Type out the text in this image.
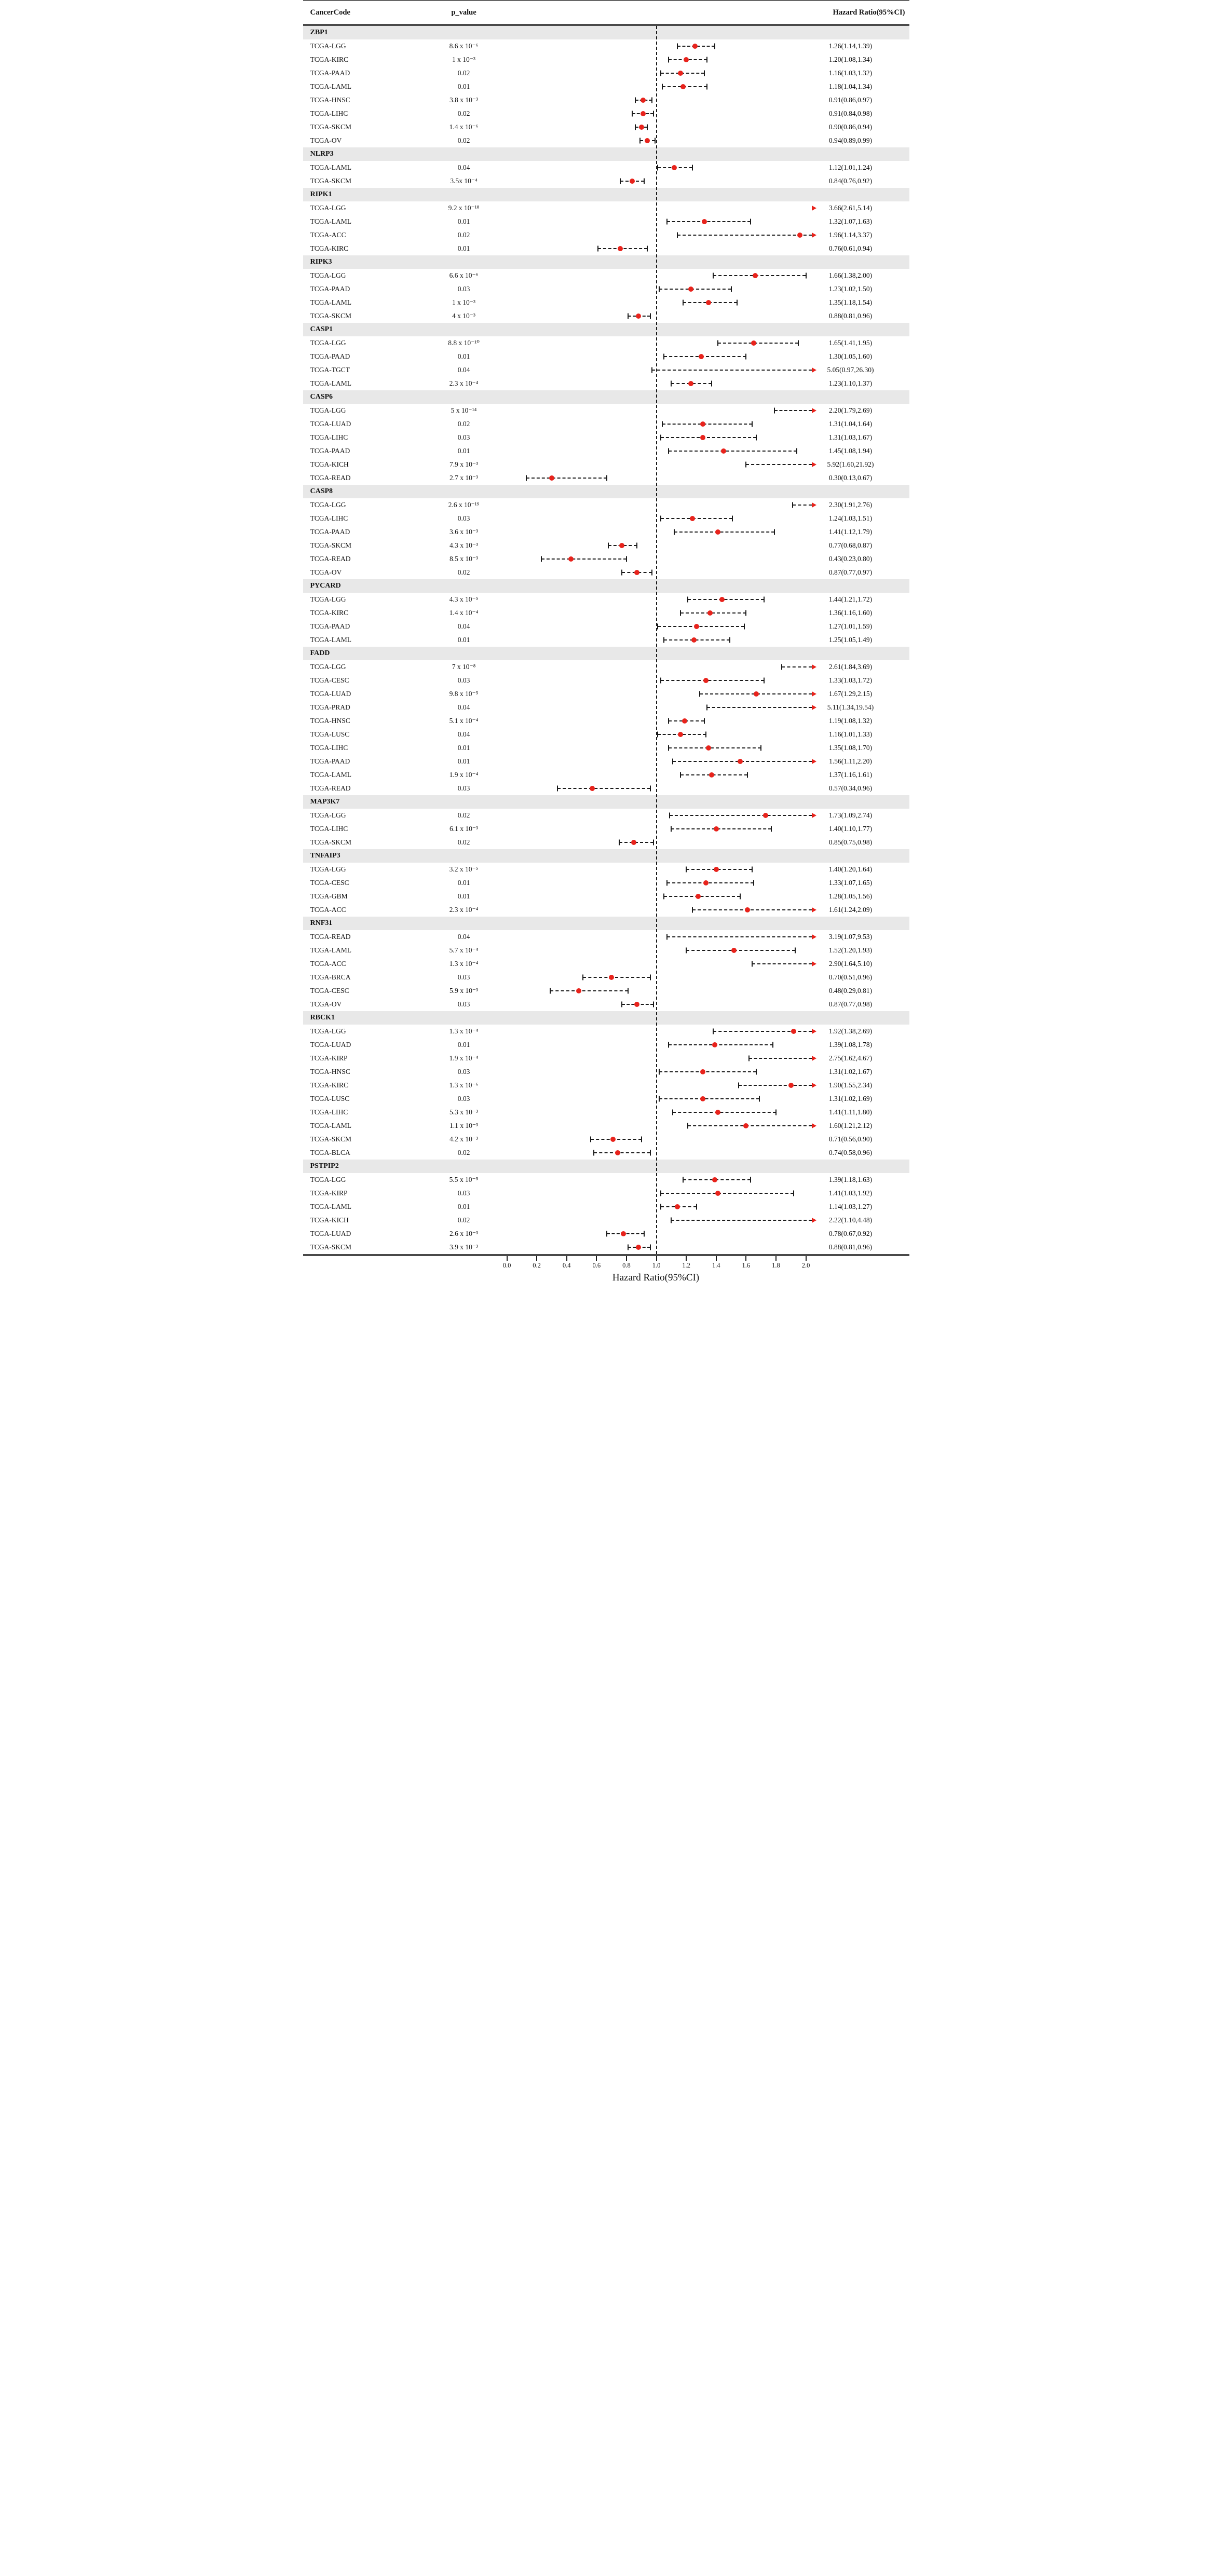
CancerCode	p_value	Hazard Ratio(95%CI)
ZBP1
TCGA-LGG	8.6 x 10⁻⁶	1.26(1.14,1.39)
TCGA-KIRC	1 x 10⁻³	1.20(1.08,1.34)
TCGA-PAAD	0.02	1.16(1.03,1.32)
TCGA-LAML	0.01	1.18(1.04,1.34)
TCGA-HNSC	3.8 x 10⁻³	0.91(0.86,0.97)
TCGA-LIHC	0.02	0.91(0.84,0.98)
TCGA-SKCM	1.4 x 10⁻⁶	0.90(0.86,0.94)
TCGA-OV	0.02	0.94(0.89,0.99)
NLRP3
TCGA-LAML	0.04	1.12(1.01,1.24)
TCGA-SKCM	3.5x 10⁻⁴	0.84(0.76,0.92)
RIPK1
TCGA-LGG	9.2 x 10⁻¹⁸	3.66(2.61,5.14)
TCGA-LAML	0.01	1.32(1.07,1.63)
TCGA-ACC	0.02	1.96(1.14,3.37)
TCGA-KIRC	0.01	0.76(0.61,0.94)
RIPK3
TCGA-LGG	6.6 x 10⁻⁶	1.66(1.38,2.00)
TCGA-PAAD	0.03	1.23(1.02,1.50)
TCGA-LAML	1 x 10⁻³	1.35(1.18,1.54)
TCGA-SKCM	4 x 10⁻³	0.88(0.81,0.96)
CASP1
TCGA-LGG	8.8 x 10⁻¹⁰	1.65(1.41,1.95)
TCGA-PAAD	0.01	1.30(1.05,1.60)
TCGA-TGCT	0.04	5.05(0.97,26.30)
TCGA-LAML	2.3 x 10⁻⁴	1.23(1.10,1.37)
CASP6
TCGA-LGG	5 x 10⁻¹⁴	2.20(1.79,2.69)
TCGA-LUAD	0.02	1.31(1.04,1.64)
TCGA-LIHC	0.03	1.31(1.03,1.67)
TCGA-PAAD	0.01	1.45(1.08,1.94)
TCGA-KICH	7.9 x 10⁻³	5.92(1.60,21.92)
TCGA-READ	2.7 x 10⁻³	0.30(0.13,0.67)
CASP8
TCGA-LGG	2.6 x 10⁻¹⁹	2.30(1.91,2.76)
TCGA-LIHC	0.03	1.24(1.03,1.51)
TCGA-PAAD	3.6 x 10⁻³	1.41(1.12,1.79)
TCGA-SKCM	4.3 x 10⁻³	0.77(0.68,0.87)
TCGA-READ	8.5 x 10⁻³	0.43(0.23,0.80)
TCGA-OV	0.02	0.87(0.77,0.97)
PYCARD
TCGA-LGG	4.3 x 10⁻⁵	1.44(1.21,1.72)
TCGA-KIRC	1.4 x 10⁻⁴	1.36(1.16,1.60)
TCGA-PAAD	0.04	1.27(1.01,1.59)
TCGA-LAML	0.01	1.25(1.05,1.49)
FADD
TCGA-LGG	7 x 10⁻⁸	2.61(1.84,3.69)
TCGA-CESC	0.03	1.33(1.03,1.72)
TCGA-LUAD	9.8 x 10⁻⁵	1.67(1.29,2.15)
TCGA-PRAD	0.04	5.11(1.34,19.54)
TCGA-HNSC	5.1 x 10⁻⁴	1.19(1.08,1.32)
TCGA-LUSC	0.04	1.16(1.01,1.33)
TCGA-LIHC	0.01	1.35(1.08,1.70)
TCGA-PAAD	0.01	1.56(1.11,2.20)
TCGA-LAML	1.9 x 10⁻⁴	1.37(1.16,1.61)
TCGA-READ	0.03	0.57(0.34,0.96)
MAP3K7
TCGA-LGG	0.02	1.73(1.09,2.74)
TCGA-LIHC	6.1 x 10⁻³	1.40(1.10,1.77)
TCGA-SKCM	0.02	0.85(0.75,0.98)
TNFAIP3
TCGA-LGG	3.2 x 10⁻⁵	1.40(1.20,1.64)
TCGA-CESC	0.01	1.33(1.07,1.65)
TCGA-GBM	0.01	1.28(1.05,1.56)
TCGA-ACC	2.3 x 10⁻⁴	1.61(1.24,2.09)
RNF31
TCGA-READ	0.04	3.19(1.07,9.53)
TCGA-LAML	5.7 x 10⁻⁴	1.52(1.20,1.93)
TCGA-ACC	1.3 x 10⁻⁴	2.90(1.64,5.10)
TCGA-BRCA	0.03	0.70(0.51,0.96)
TCGA-CESC	5.9 x 10⁻³	0.48(0.29,0.81)
TCGA-OV	0.03	0.87(0.77,0.98)
RBCK1
TCGA-LGG	1.3 x 10⁻⁴	1.92(1.38,2.69)
TCGA-LUAD	0.01	1.39(1.08,1.78)
TCGA-KIRP	1.9 x 10⁻⁴	2.75(1.62,4.67)
TCGA-HNSC	0.03	1.31(1.02,1.67)
TCGA-KIRC	1.3 x 10⁻⁶	1.90(1.55,2.34)
TCGA-LUSC	0.03	1.31(1.02,1.69)
TCGA-LIHC	5.3 x 10⁻³	1.41(1.11,1.80)
TCGA-LAML	1.1 x 10⁻³	1.60(1.21,2.12)
TCGA-SKCM	4.2 x 10⁻³	0.71(0.56,0.90)
TCGA-BLCA	0.02	0.74(0.58,0.96)
PSTPIP2
TCGA-LGG	5.5 x 10⁻⁵	1.39(1.18,1.63)
TCGA-KIRP	0.03	1.41(1.03,1.92)
TCGA-LAML	0.01	1.14(1.03,1.27)
TCGA-KICH	0.02	2.22(1.10,4.48)
TCGA-LUAD	2.6 x 10⁻³	0.78(0.67,0.92)
TCGA-SKCM	3.9 x 10⁻³	0.88(0.81,0.96)
0.0	0.2	0.4	0.6	0.8	1.0	1.2	1.4	1.6	1.8	2.0
Hazard Ratio(95%CI)
